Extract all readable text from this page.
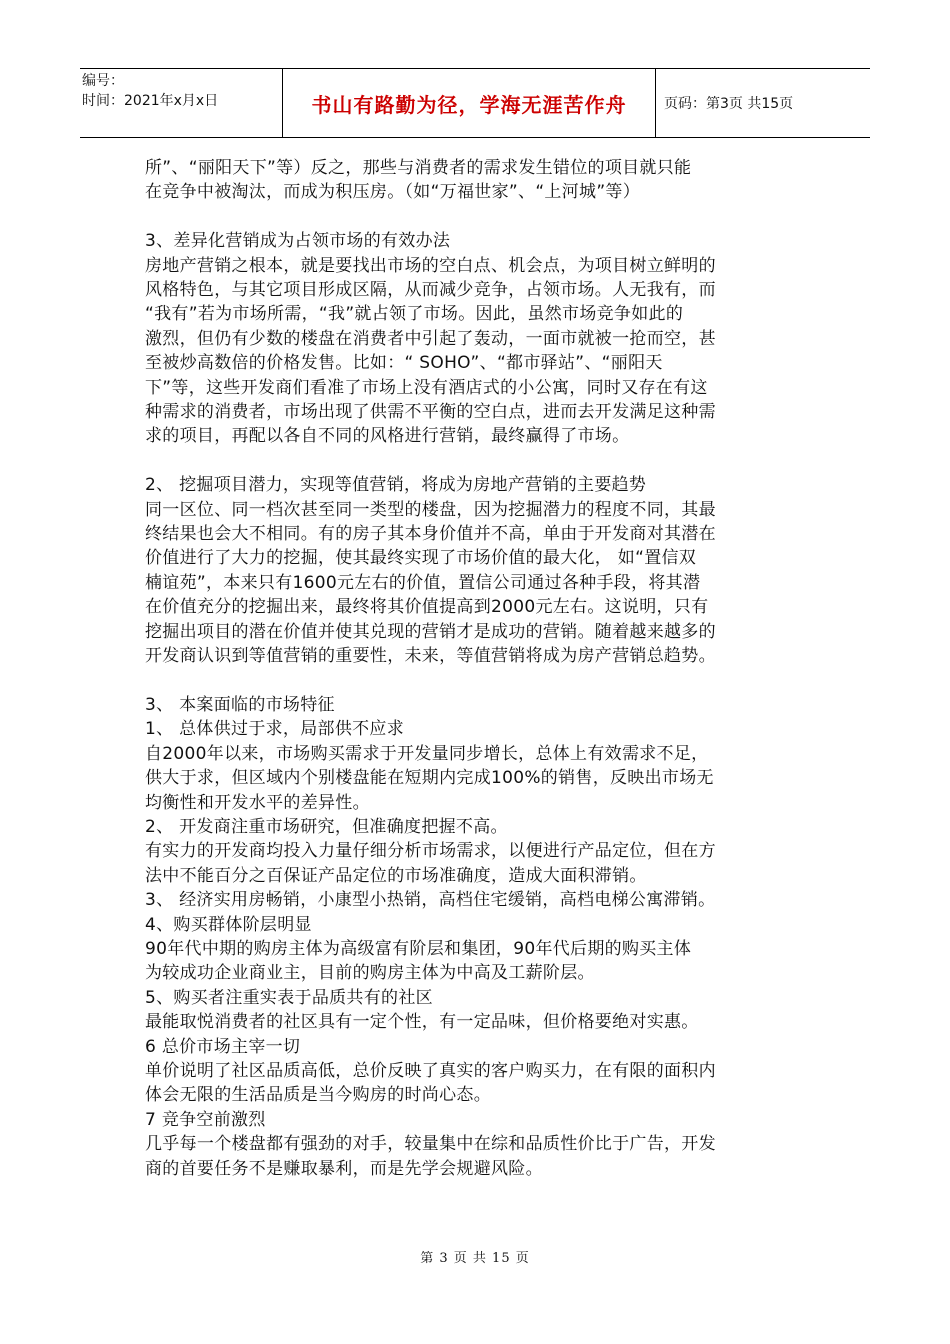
编号：
时间：2021年x月x日	书山有路勤为径，学海无涯苦作舟	页码：第3页 共15页

所”、“丽阳天下”等）反之，那些与消费者的需求发生错位的项目就只能

在竞争中被淘汰，而成为积压房。（如“万福世家”、“上河城”等）

3、差异化营销成为占领市场的有效办法

房地产营销之根本，就是要找出市场的空白点、机会点，为项目树立鲜明的

风格特色，与其它项目形成区隔，从而减少竞争，占领市场。人无我有，而

“我有”若为市场所需，“我”就占领了市场。因此，虽然市场竞争如此的

激烈，但仍有少数的楼盘在消费者中引起了轰动，一面市就被一抢而空，甚

至被炒高数倍的价格发售。比如：“ SOHO”、“都市驿站”、“丽阳天

下”等，这些开发商们看准了市场上没有酒店式的小公寓，同时又存在有这

种需求的消费者，市场出现了供需不平衡的空白点，进而去开发满足这种需

求的项目，再配以各自不同的风格进行营销，最终赢得了市场。

2、 挖掘项目潜力，实现等值营销，将成为房地产营销的主要趋势

同一区位、同一档次甚至同一类型的楼盘，因为挖掘潜力的程度不同，其最

终结果也会大不相同。有的房子其本身价值并不高，单由于开发商对其潜在

价值进行了大力的挖掘，使其最终实现了市场价值的最大化， 如“置信双

楠谊苑”，本来只有1600元左右的价值，置信公司通过各种手段，将其潜

在价值充分的挖掘出来，最终将其价值提高到2000元左右。这说明，只有

挖掘出项目的潜在价值并使其兑现的营销才是成功的营销。随着越来越多的

开发商认识到等值营销的重要性，未来，等值营销将成为房产营销总趋势。

3、 本案面临的市场特征

1、 总体供过于求，局部供不应求

自2000年以来，市场购买需求于开发量同步增长，总体上有效需求不足，

供大于求，但区域内个别楼盘能在短期内完成100%的销售，反映出市场无

均衡性和开发水平的差异性。

2、 开发商注重市场研究，但准确度把握不高。

有实力的开发商均投入力量仔细分析市场需求，以便进行产品定位，但在方

法中不能百分之百保证产品定位的市场准确度，造成大面积滞销。

3、 经济实用房畅销，小康型小热销，高档住宅缓销，高档电梯公寓滞销。

4、购买群体阶层明显

90年代中期的购房主体为高级富有阶层和集团，90年代后期的购买主体

为较成功企业商业主，目前的购房主体为中高及工薪阶层。

5、购买者注重实表于品质共有的社区

最能取悦消费者的社区具有一定个性，有一定品味，但价格要绝对实惠。

6 总价市场主宰一切

单价说明了社区品质高低，总价反映了真实的客户购买力，在有限的面积内

体会无限的生活品质是当今购房的时尚心态。

7 竞争空前激烈

几乎每一个楼盘都有强劲的对手，较量集中在综和品质性价比于广告，开发

商的首要任务不是赚取暴利，而是先学会规避风险。

第 3 页 共 15 页
